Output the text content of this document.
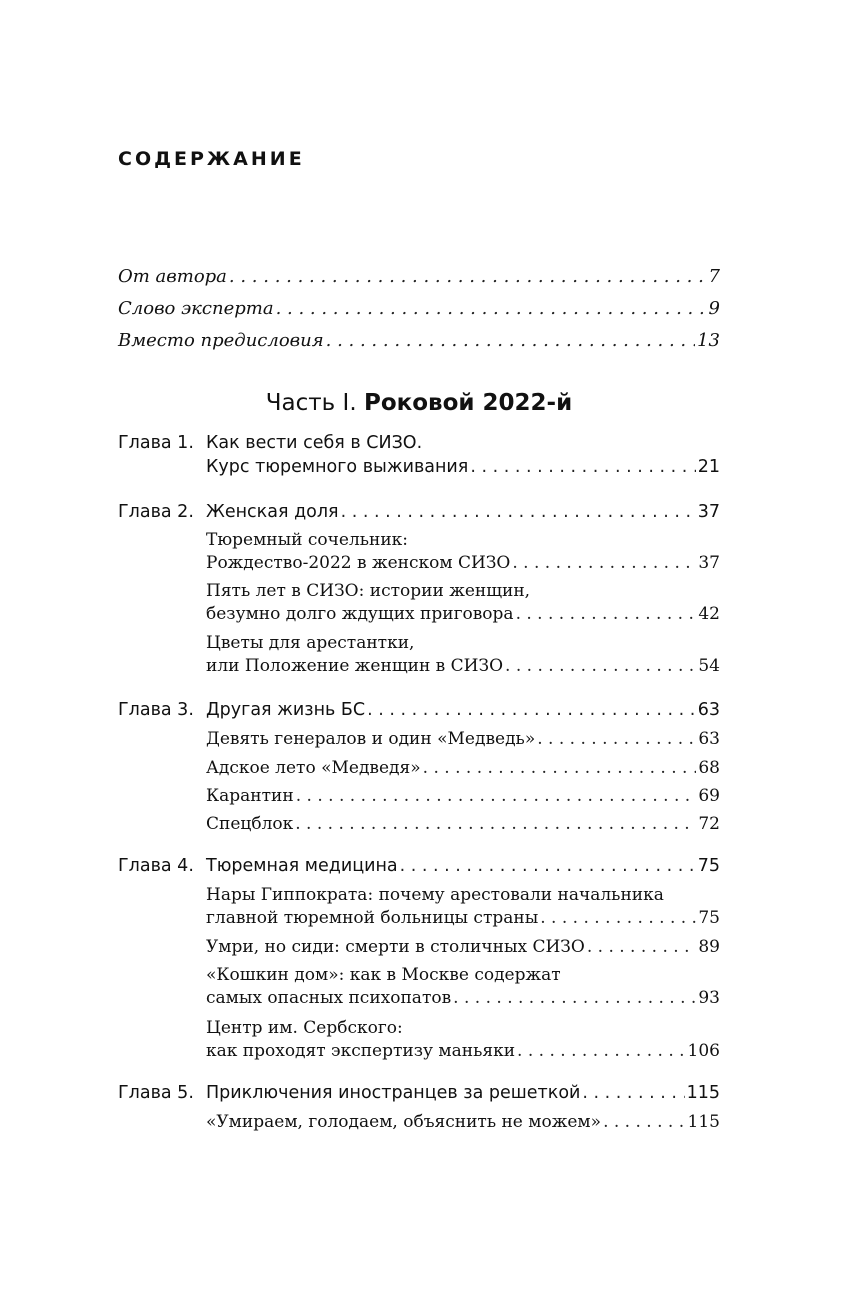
СОДЕРЖАНИЕ
От автора . . .	7
Слово эксперта . . .	9
Вместо предисловия . . .	13
Часть I. Роковой 2022-й
Глава 1. Как вести себя в СИЗО.
Курс тюремного выживания . . .	21
Глава 2. Женская доля . . .	37
Тюремный сочельник:
Рождество-2022 в женском СИЗО . . .	37
Пять лет в СИЗО: истории женщин,
безумно долго ждущих приговора . . .	42
Цветы для арестантки,
или Положение женщин в СИЗО . . .	54
Глава 3. Другая жизнь БС . . .	63
Девять генералов и один «Медведь» . . .	63
Адское лето «Медведя» . . .	68
Карантин . . .	69
Спецблок . . .	72
Глава 4. Тюремная медицина . . .	75
Нары Гиппократа: почему арестовали начальника
главной тюремной больницы страны . . .	75
Умри, но сиди: смерти в столичных СИЗО . . .	89
«Кошкин дом»: как в Москве содержат
самых опасных психопатов . . .	93
Центр им. Сербского:
как проходят экспертизу маньяки . . .	106
Глава 5. Приключения иностранцев за решеткой . . .	115
«Умираем, голодаем, объяснить не можем» . . .	115
